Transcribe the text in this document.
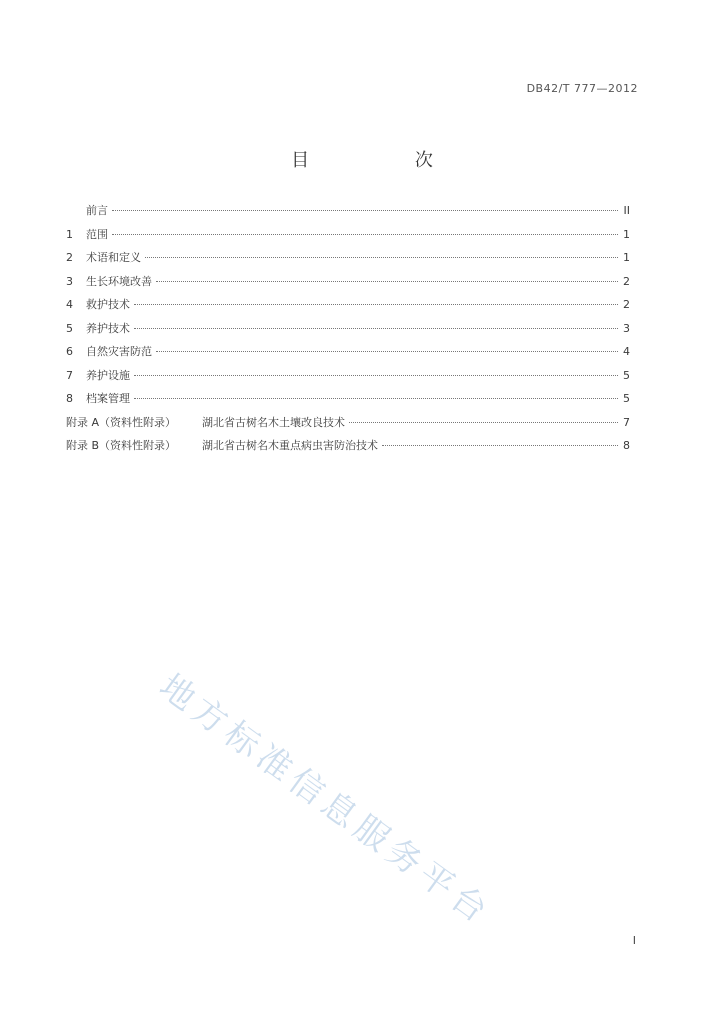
DB42/T 777—2012
目 次
前言	II
1	范围	1
2	术语和定义	1
3	生长环境改善	2
4	救护技术	2
5	养护技术	3
6	自然灾害防范	4
7	养护设施	5
8	档案管理	5
附录 A（资料性附录）	湖北省古树名木土壤改良技术	7
附录 B（资料性附录）	湖北省古树名木重点病虫害防治技术	8
地方标准信息服务平台
I
